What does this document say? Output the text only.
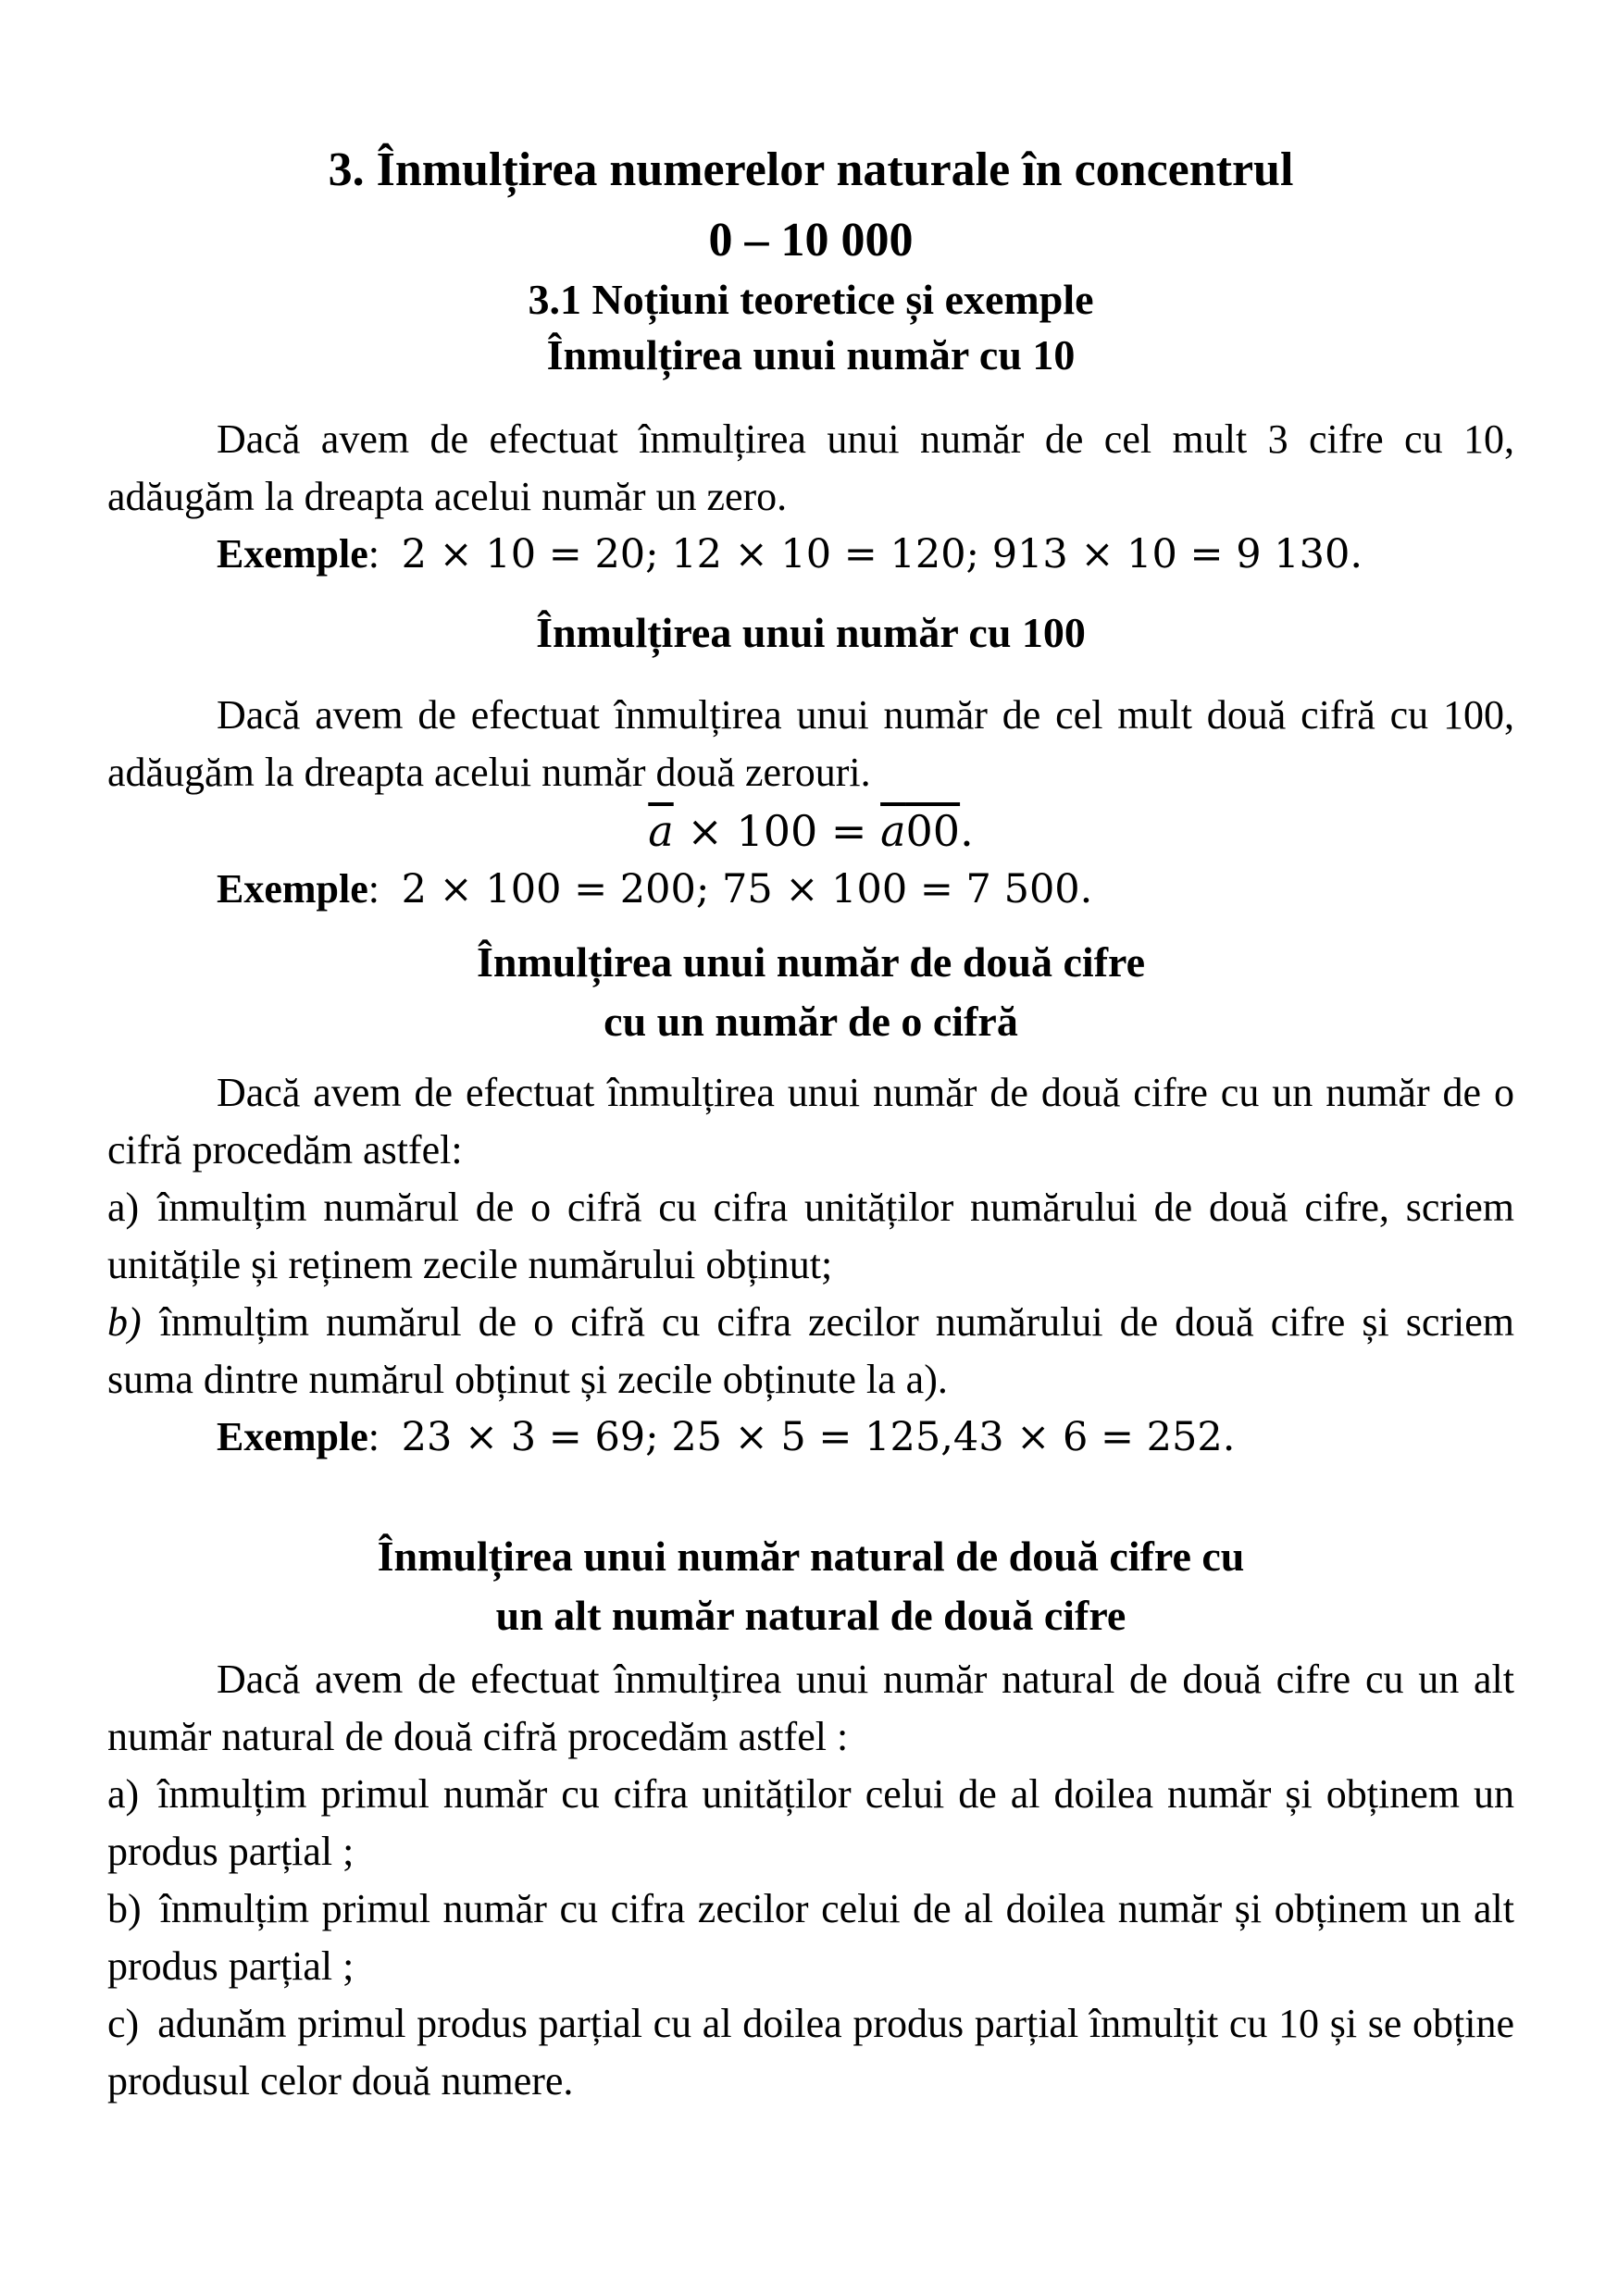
3. Înmulțirea numerelor naturale în concentrul
0 – 10 000
3.1 Noțiuni teoretice și exemple
Înmulțirea unui număr cu 10

Dacă avem de efectuat înmulțirea unui număr de cel mult 3 cifre cu 10, adăugăm la dreapta acelui număr un zero.

Exemple: 2 × 10 = 20; 12 × 10 = 120; 913 × 10 = 9 130.

Înmulțirea unui număr cu 100

Dacă avem de efectuat înmulțirea unui număr de cel mult două cifră cu 100, adăugăm la dreapta acelui număr două zerouri.

$\overline{a} \times 100 = a00$.

Exemple: 2 × 100 = 200; 75 × 100 = 7 500.

Înmulțirea unui număr de două cifre
cu un număr de o cifră

Dacă avem de efectuat înmulțirea unui număr de două cifre cu un număr de o cifră procedăm astfel:

a) înmulțim numărul de o cifră cu cifra unităților numărului de două cifre, scriem unitățile și reținem zecile numărului obținut;

b) înmulțim numărul de o cifră cu cifra zecilor numărului de două cifre și scriem suma dintre numărul obținut și zecile obținute la a).

Exemple: 23 × 3 = 69; 25 × 5 = 125,43 × 6 = 252.

Înmulțirea unui număr natural de două cifre cu
un alt număr natural de două cifre

Dacă avem de efectuat înmulțirea unui număr natural de două cifre cu un alt număr natural de două cifră procedăm astfel :

a) înmulțim primul număr cu cifra unităților celui de al doilea număr și obținem un produs parțial ;

b) înmulțim primul număr cu cifra zecilor celui de al doilea număr și obținem un alt produs parțial ;

c) adunăm primul produs parțial cu al doilea produs parțial înmulțit cu 10 și se obține produsul celor două numere.
